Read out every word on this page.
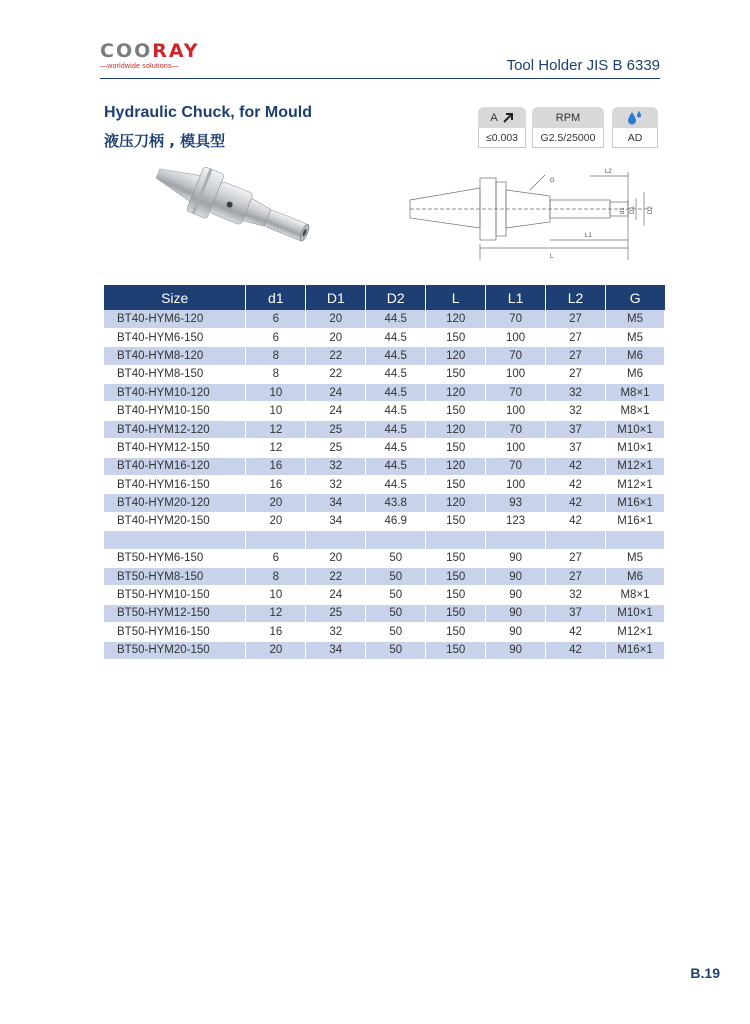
COORAY
—worldwide solutions—	Tool Holder JIS B 6339
Hydraulic Chuck, for Mould
液压刀柄 , 模具型
A
≤0.003
RPM
G2.5/25000	AD
L2
G
L1
L
d1 D1 D2
Size	d1	D1	D2	L	L1	L2	G
BT40-HYM6-120	6	20	44.5	120	70	27	M5
BT40-HYM6-150	6	20	44.5	150	100	27	M5
BT40-HYM8-120	8	22	44.5	120	70	27	M6
BT40-HYM8-150	8	22	44.5	150	100	27	M6
BT40-HYM10-120	10	24	44.5	120	70	32	M8×1
BT40-HYM10-150	10	24	44.5	150	100	32	M8×1
BT40-HYM12-120	12	25	44.5	120	70	37	M10×1
BT40-HYM12-150	12	25	44.5	150	100	37	M10×1
BT40-HYM16-120	16	32	44.5	120	70	42	M12×1
BT40-HYM16-150	16	32	44.5	150	100	42	M12×1
BT40-HYM20-120	20	34	43.8	120	93	42	M16×1
BT40-HYM20-150	20	34	46.9	150	123	42	M16×1

BT50-HYM6-150	6	20	50	150	90	27	M5
BT50-HYM8-150	8	22	50	150	90	27	M6
BT50-HYM10-150	10	24	50	150	90	32	M8×1
BT50-HYM12-150	12	25	50	150	90	37	M10×1
BT50-HYM16-150	16	32	50	150	90	42	M12×1
BT50-HYM20-150	20	34	50	150	90	42	M16×1
B.19
